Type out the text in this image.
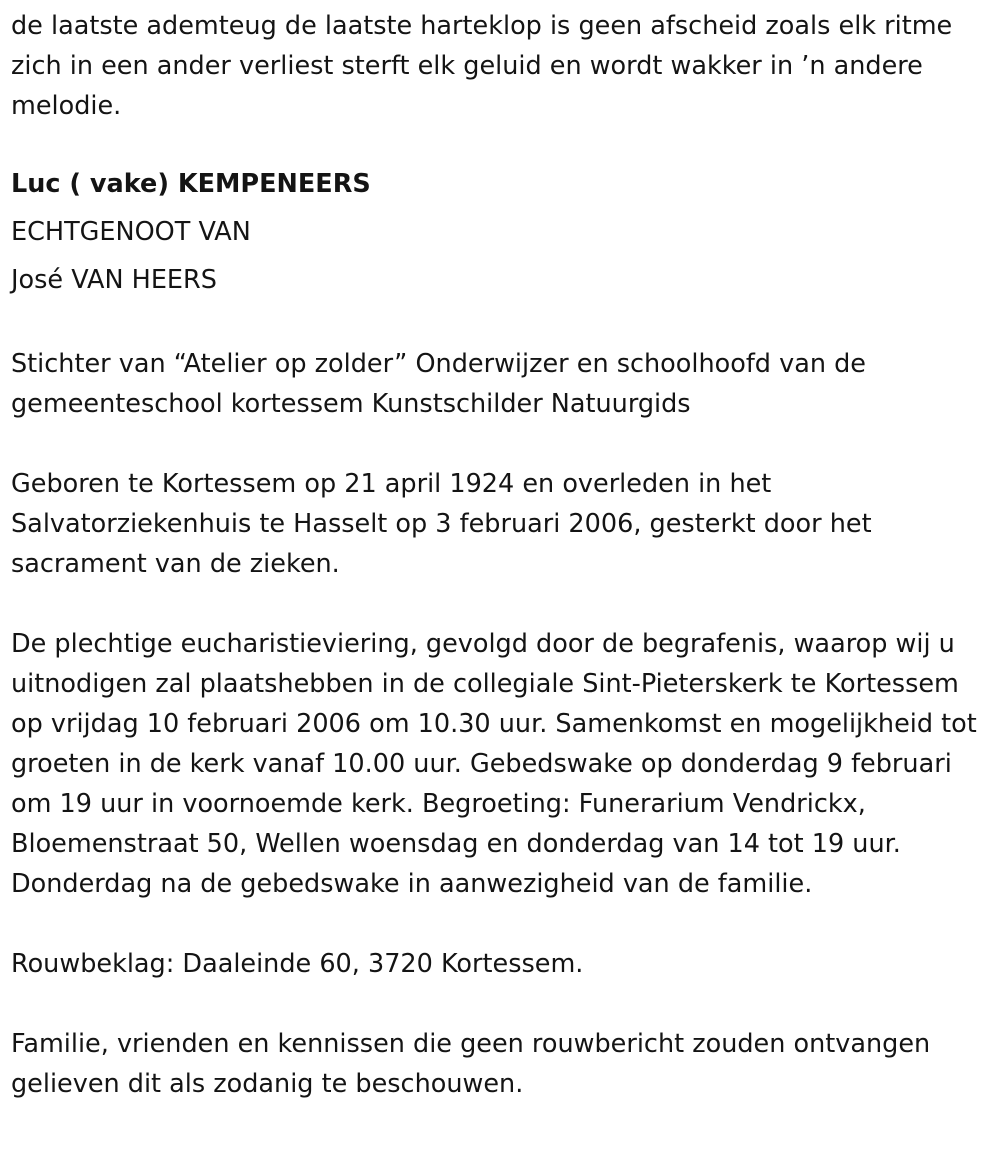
de laatste ademteug de laatste harteklop is geen afscheid zoals elk ritme zich in een ander verliest sterft elk geluid en wordt wakker in ’n andere melodie.

Luc ( vake) KEMPENEERS

ECHTGENOOT VAN

José VAN HEERS

Stichter van “Atelier op zolder” Onderwijzer en schoolhoofd van de gemeenteschool kortessem Kunstschilder Natuurgids

Geboren te Kortessem op 21 april 1924 en overleden in het Salvatorziekenhuis te Hasselt op 3 februari 2006, gesterkt door het sacrament van de zieken.

De plechtige eucharistieviering, gevolgd door de begrafenis, waarop wij u uitnodigen zal plaatshebben in de collegiale Sint-Pieterskerk te Kortessem op vrijdag 10 februari 2006 om 10.30 uur. Samenkomst en mogelijkheid tot groeten in de kerk vanaf 10.00 uur. Gebedswake op donderdag 9 februari om 19 uur in voornoemde kerk. Begroeting: Funerarium Vendrickx, Bloemenstraat 50, Wellen woensdag en donderdag van 14 tot 19 uur. Donderdag na de gebedswake in aanwezigheid van de familie.

Rouwbeklag: Daaleinde 60, 3720 Kortessem.

Familie, vrienden en kennissen die geen rouwbericht zouden ontvangen gelieven dit als zodanig te beschouwen.
